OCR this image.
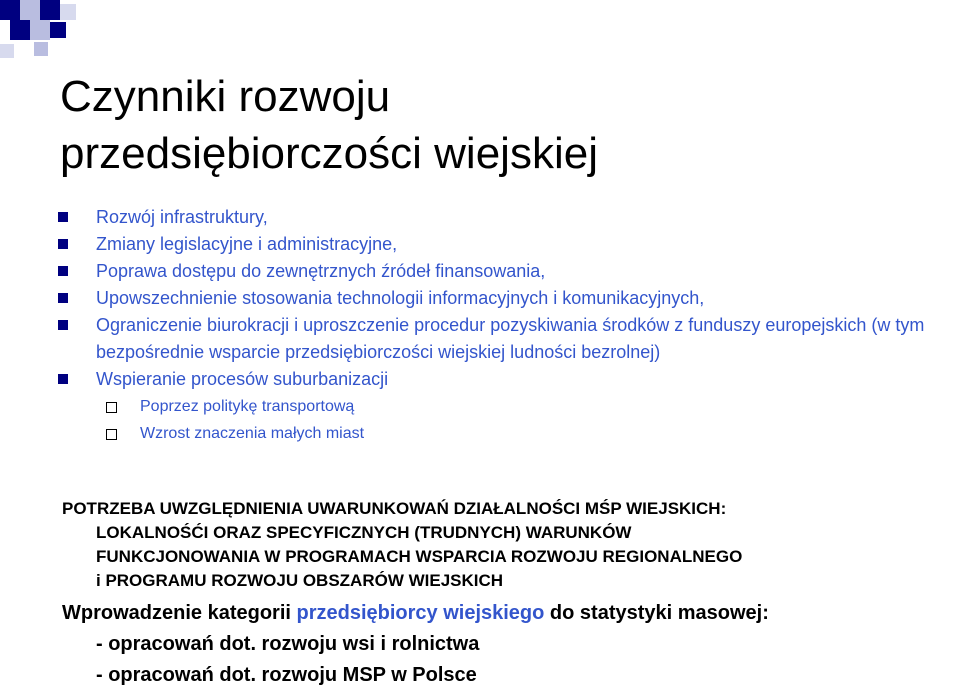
Czynniki rozwoju
przedsiębiorczości wiejskiej
Rozwój infrastruktury,
Zmiany legislacyjne i administracyjne,
Poprawa dostępu do zewnętrznych źródeł finansowania,
Upowszechnienie stosowania technologii informacyjnych i komunikacyjnych,
Ograniczenie biurokracji i uproszczenie procedur pozyskiwania środków z funduszy europejskich (w tym bezpośrednie wsparcie przedsiębiorczości wiejskiej ludności bezrolnej)
Wspieranie procesów suburbanizacji
Poprzez politykę transportową
Wzrost znaczenia małych miast
POTRZEBA UWZGLĘDNIENIA UWARUNKOWAŃ DZIAŁALNOŚCI MŚP WIEJSKICH:
LOKALNOŚĆI ORAZ SPECYFICZNYCH (TRUDNYCH) WARUNKÓW
FUNKCJONOWANIA W PROGRAMACH WSPARCIA ROZWOJU REGIONALNEGO
i PROGRAMU ROZWOJU OBSZARÓW WIEJSKICH
Wprowadzenie kategorii przedsiębiorcy wiejskiego do statystyki masowej:
- opracowań dot. rozwoju wsi i rolnictwa
- opracowań dot. rozwoju MSP w Polsce
